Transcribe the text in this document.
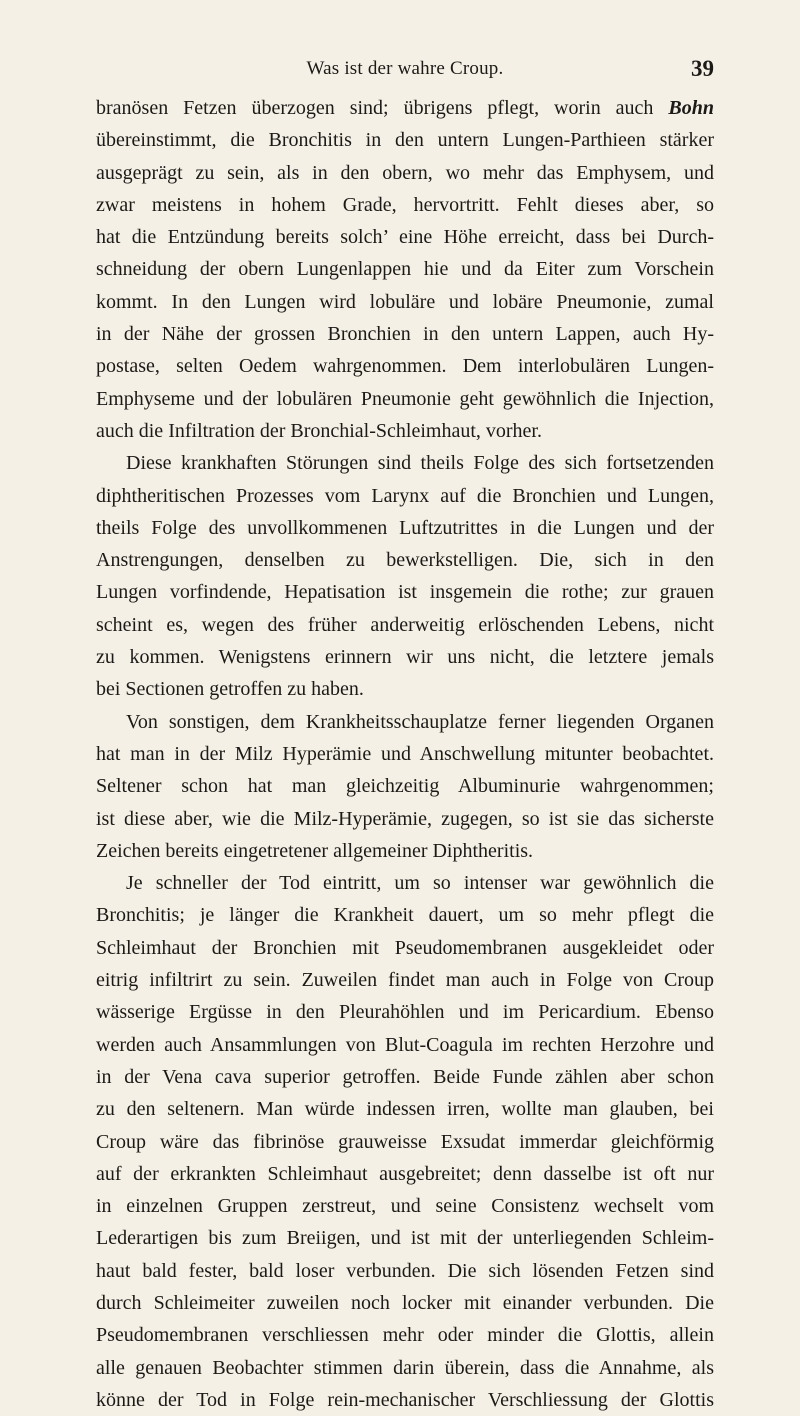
Was ist der wahre Croup.	39

branösen Fetzen überzogen sind; übrigens pflegt, worin auch Bohn
übereinstimmt, die Bronchitis in den untern Lungen-Parthieen stärker
ausgeprägt zu sein, als in den obern, wo mehr das Emphysem, und
zwar meistens in hohem Grade, hervortritt. Fehlt dieses aber, so
hat die Entzündung bereits solch’ eine Höhe erreicht, dass bei Durch-
schneidung der obern Lungenlappen hie und da Eiter zum Vorschein
kommt. In den Lungen wird lobuläre und lobäre Pneumonie, zumal
in der Nähe der grossen Bronchien in den untern Lappen, auch Hy-
postase, selten Oedem wahrgenommen. Dem interlobulären Lungen-
Emphyseme und der lobulären Pneumonie geht gewöhnlich die Injection,
auch die Infiltration der Bronchial-Schleimhaut, vorher.

Diese krankhaften Störungen sind theils Folge des sich fortsetzenden
diphtheritischen Prozesses vom Larynx auf die Bronchien und Lungen,
theils Folge des unvollkommenen Luftzutrittes in die Lungen und der
Anstrengungen, denselben zu bewerkstelligen. Die, sich in den
Lungen vorfindende, Hepatisation ist insgemein die rothe; zur grauen
scheint es, wegen des früher anderweitig erlöschenden Lebens, nicht
zu kommen. Wenigstens erinnern wir uns nicht, die letztere jemals
bei Sectionen getroffen zu haben.

Von sonstigen, dem Krankheitsschauplatze ferner liegenden Organen
hat man in der Milz Hyperämie und Anschwellung mitunter beobachtet.
Seltener schon hat man gleichzeitig Albuminurie wahrgenommen;
ist diese aber, wie die Milz-Hyperämie, zugegen, so ist sie das sicherste
Zeichen bereits eingetretener allgemeiner Diphtheritis.

Je schneller der Tod eintritt, um so intenser war gewöhnlich die
Bronchitis; je länger die Krankheit dauert, um so mehr pflegt die
Schleimhaut der Bronchien mit Pseudomembranen ausgekleidet oder
eitrig infiltrirt zu sein. Zuweilen findet man auch in Folge von Croup
wässerige Ergüsse in den Pleurahöhlen und im Pericardium. Ebenso
werden auch Ansammlungen von Blut-Coagula im rechten Herzohre und
in der Vena cava superior getroffen. Beide Funde zählen aber schon
zu den seltenern. Man würde indessen irren, wollte man glauben, bei
Croup wäre das fibrinöse grauweisse Exsudat immerdar gleichförmig
auf der erkrankten Schleimhaut ausgebreitet; denn dasselbe ist oft nur
in einzelnen Gruppen zerstreut, und seine Consistenz wechselt vom
Lederartigen bis zum Breiigen, und ist mit der unterliegenden Schleim-
haut bald fester, bald loser verbunden. Die sich lösenden Fetzen sind
durch Schleimeiter zuweilen noch locker mit einander verbunden. Die
Pseudomembranen verschliessen mehr oder minder die Glottis, allein
alle genauen Beobachter stimmen darin überein, dass die Annahme, als
könne der Tod in Folge rein-mechanischer Verschliessung der Glottis
